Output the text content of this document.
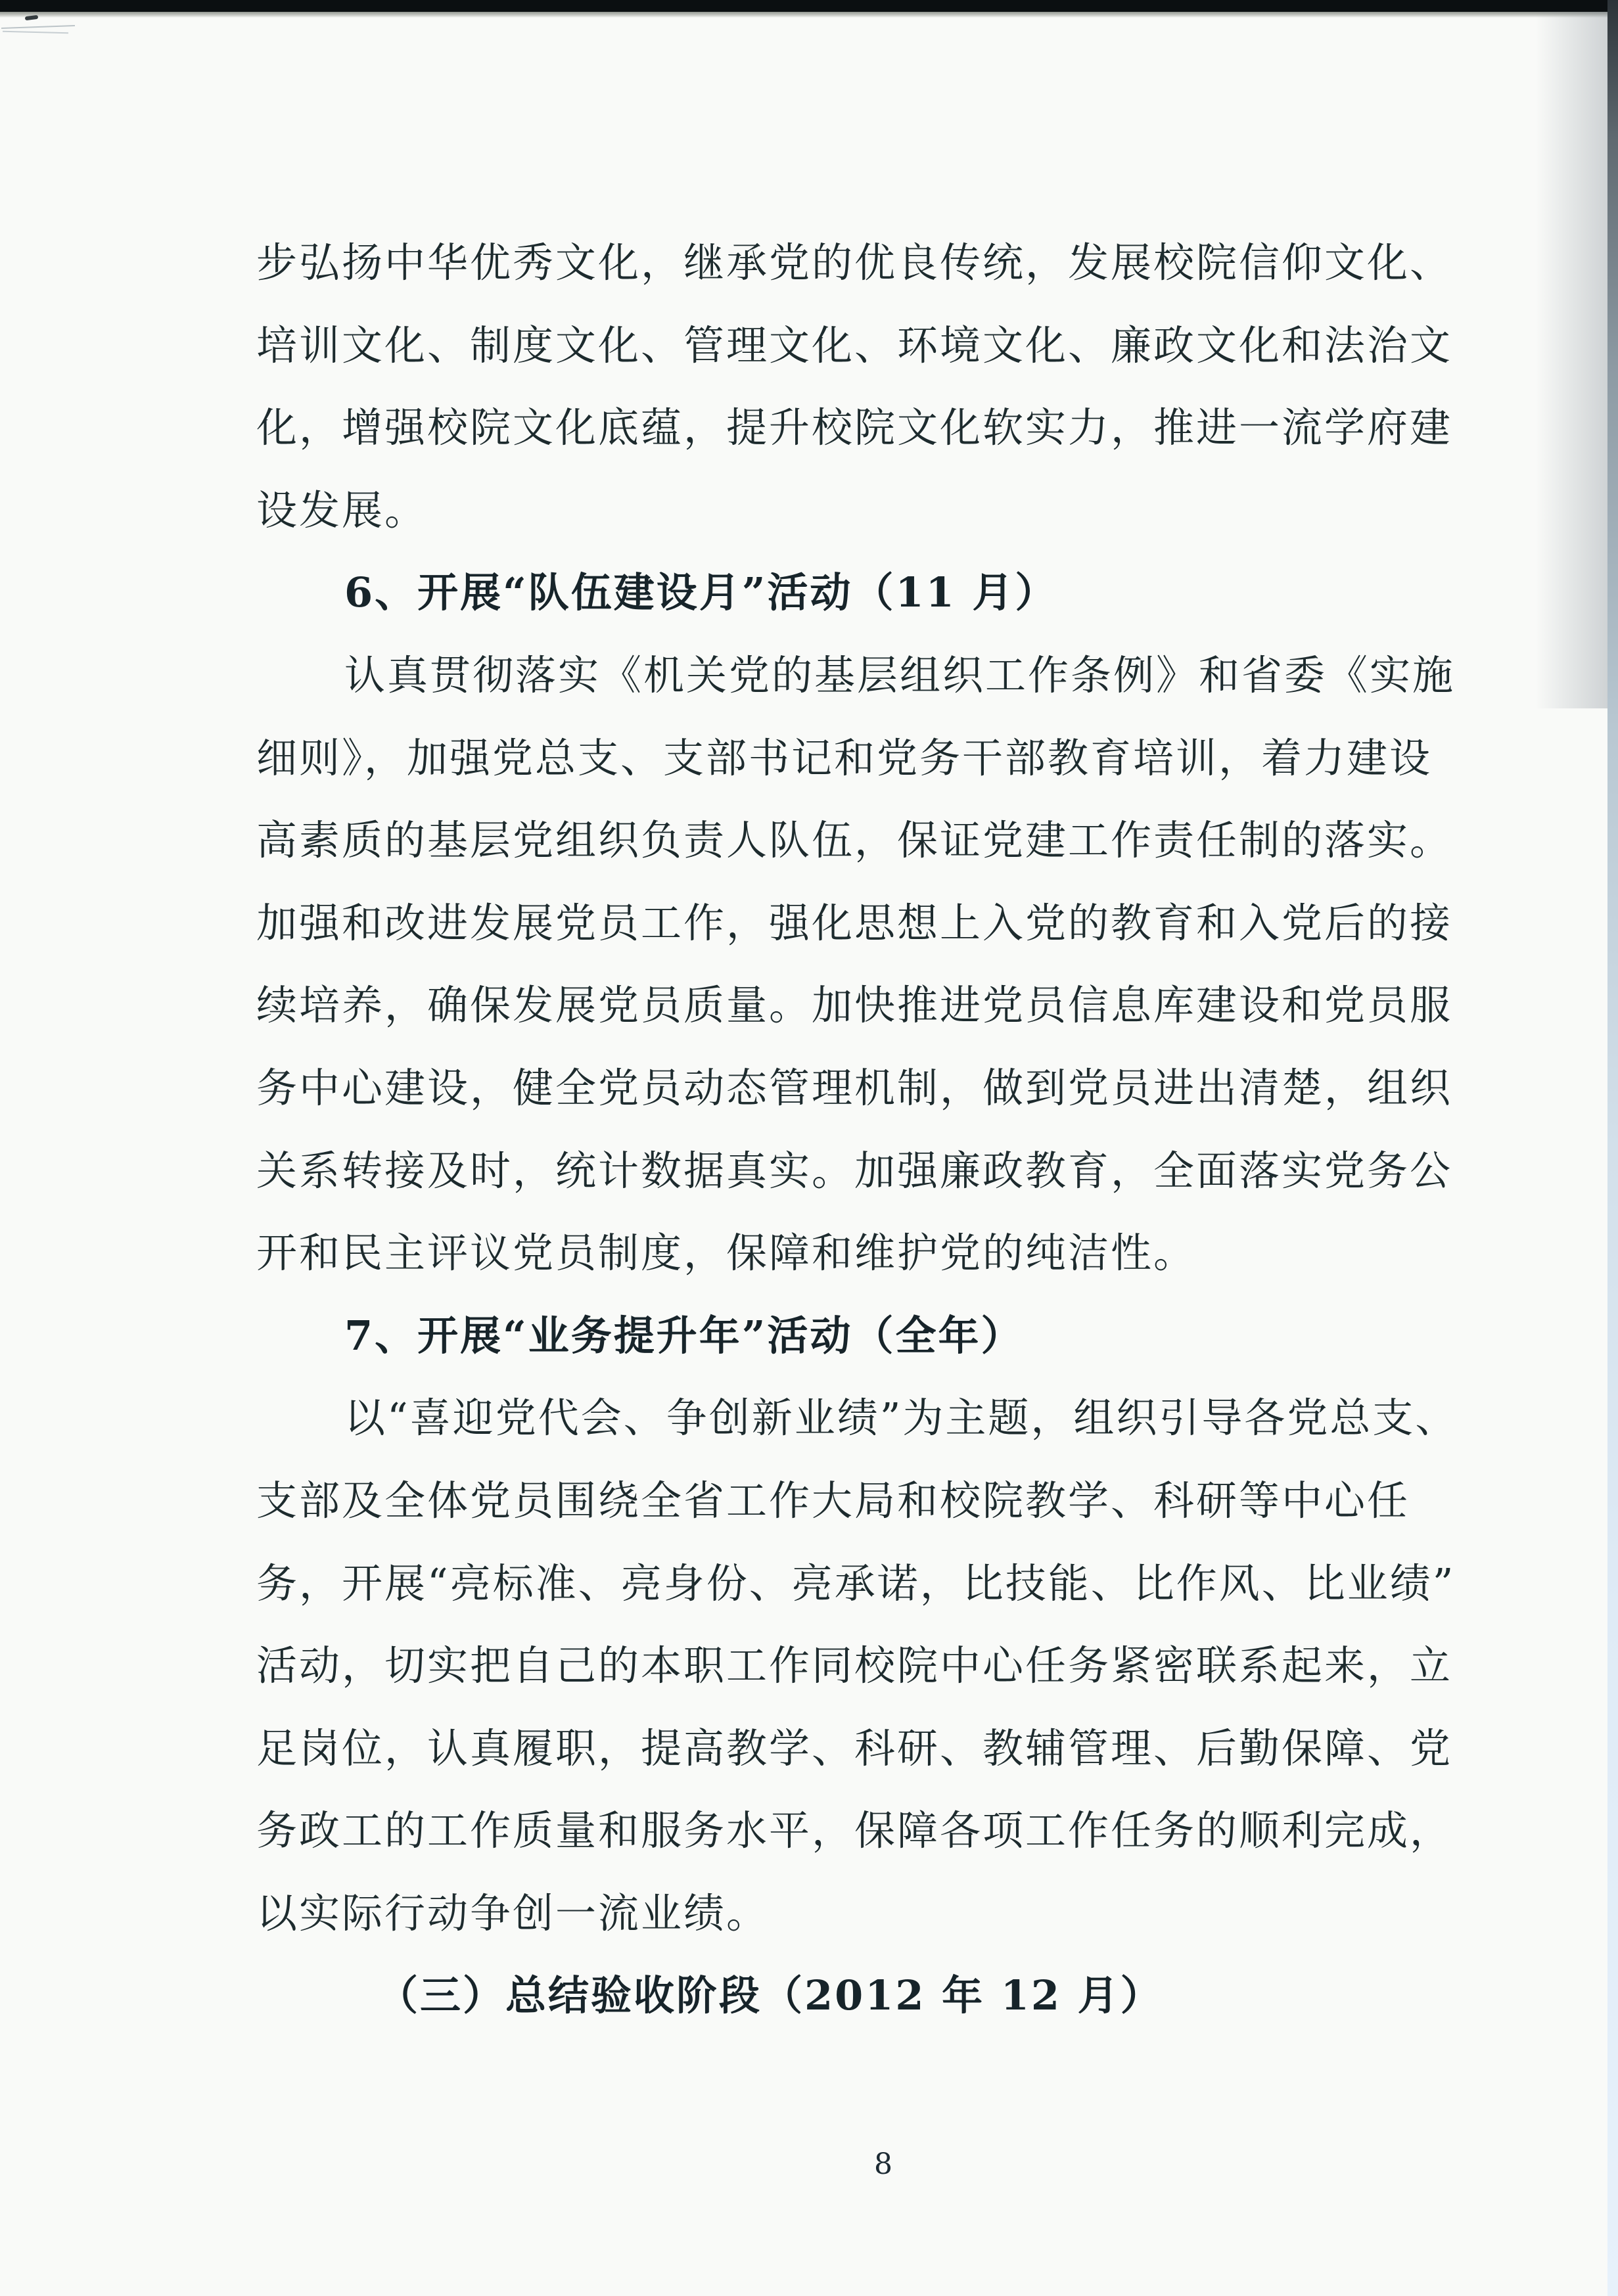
步弘扬中华优秀文化，继承党的优良传统，发展校院信仰文化、
培训文化、制度文化、管理文化、环境文化、廉政文化和法治文
化，增强校院文化底蕴，提升校院文化软实力，推进一流学府建
设发展。
6、开展“队伍建设月”活动（11 月）
认真贯彻落实《机关党的基层组织工作条例》和省委《实施
细则》，加强党总支、支部书记和党务干部教育培训，着力建设
高素质的基层党组织负责人队伍，保证党建工作责任制的落实。
加强和改进发展党员工作，强化思想上入党的教育和入党后的接
续培养，确保发展党员质量。加快推进党员信息库建设和党员服
务中心建设，健全党员动态管理机制，做到党员进出清楚，组织
关系转接及时，统计数据真实。加强廉政教育，全面落实党务公
开和民主评议党员制度，保障和维护党的纯洁性。
7、开展“业务提升年”活动（全年）
以“喜迎党代会、争创新业绩”为主题，组织引导各党总支、
支部及全体党员围绕全省工作大局和校院教学、科研等中心任
务，开展“亮标准、亮身份、亮承诺，比技能、比作风、比业绩”
活动，切实把自己的本职工作同校院中心任务紧密联系起来，立
足岗位，认真履职，提高教学、科研、教辅管理、后勤保障、党
务政工的工作质量和服务水平，保障各项工作任务的顺利完成，
以实际行动争创一流业绩。
（三）总结验收阶段（2012 年 12 月）
8
